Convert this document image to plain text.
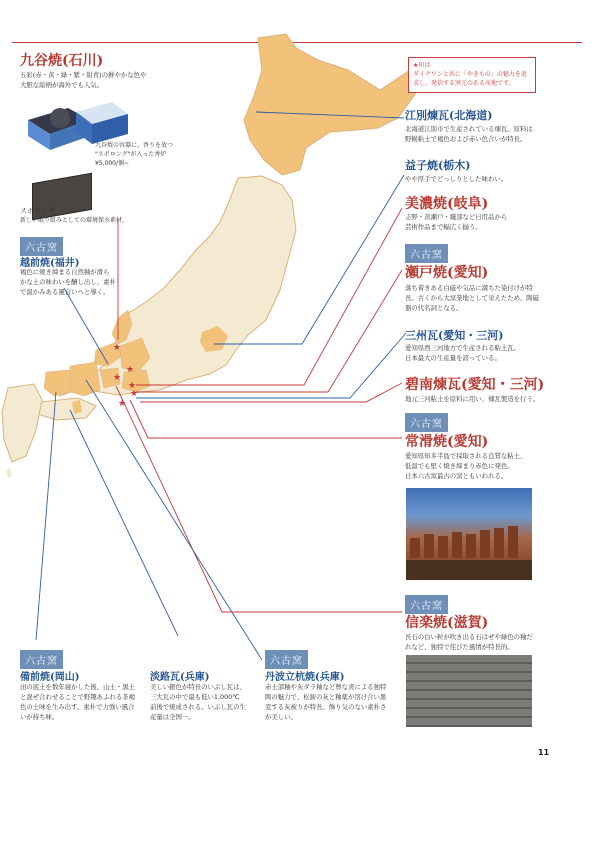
★
★
★
★
★
★
★印は
ダイナワンと共に「やきもの」の魅力を追求し、発信する窯元のある産地です。
九谷焼(石川)
五彩(赤・黄・緑・紫・紺青)の鮮やかな色や
大胆な絵柄が海外でも人気。
九谷焼の容器に、香りを放つ
"スポロング"が入った香炉
¥5,000/個~
スポロング
新しい取り組みとしての環境保水素材。
六古窯
越前焼(福井)
褐色に焼き締まる自然釉が滑ら
かな土の味わいを醸し出し、素朴
で温かみある風合いへと導く。
江別煉瓦(北海道)
北海道江別市で生産されている煉瓦。原料は
野幌粘土で褐色および赤い色合いが特長。
益子焼(栃木)
やや厚手でどっしりとした味わい。
美濃焼(岐阜)
志野・黄瀬戸・織部など日用品から
芸術作品まで幅広く揃う。
六古窯
瀬戸焼(愛知)
落ち着きある白磁や気品に満ちた染付けが特
長。古くから大窯業地として栄えたため、陶磁
器の代名詞となる。
三州瓦(愛知・三河)
愛知県西三河地方で生産される粘土瓦。
日本最大の生産量を誇っている。
碧南煉瓦(愛知・三河)
地元三河粘土を原料に用い、煉瓦製造を行う。
六古窯
常滑焼(愛知)
愛知県知多半島で採取される良質な粘土、
低温でも堅く焼き締まり赤色に発色。
日本六古窯最古の窯ともいわれる。
六古窯
信楽焼(滋賀)
長石の白い粒が吹き出る石はぜや緑色の釉だ
れなど、独特で侘びた風情が特長的。
六古窯
備前焼(岡山)
田の底土を数年寝かした後、山土・黒土
と混ぜ合わせることで野趣あふれる茶褐
色の土味を生み出す。素朴で力強い風合
いが持ち味。
淡路瓦(兵庫)
美しい銀色が特長のいぶし瓦は、
三大瓦の中で最も低い1,000℃
前後で焼成される。いぶし瓦の生
産量は全国一。
六古窯
丹波立杭焼(兵庫)
赤土部釉や灰ダラ釉など豊な炎による独特
陶の魅力で、松薪の灰と釉薬が溶け合い黒
変する灰被りが特長。飾り気のない素朴さ
が美しい。
11
